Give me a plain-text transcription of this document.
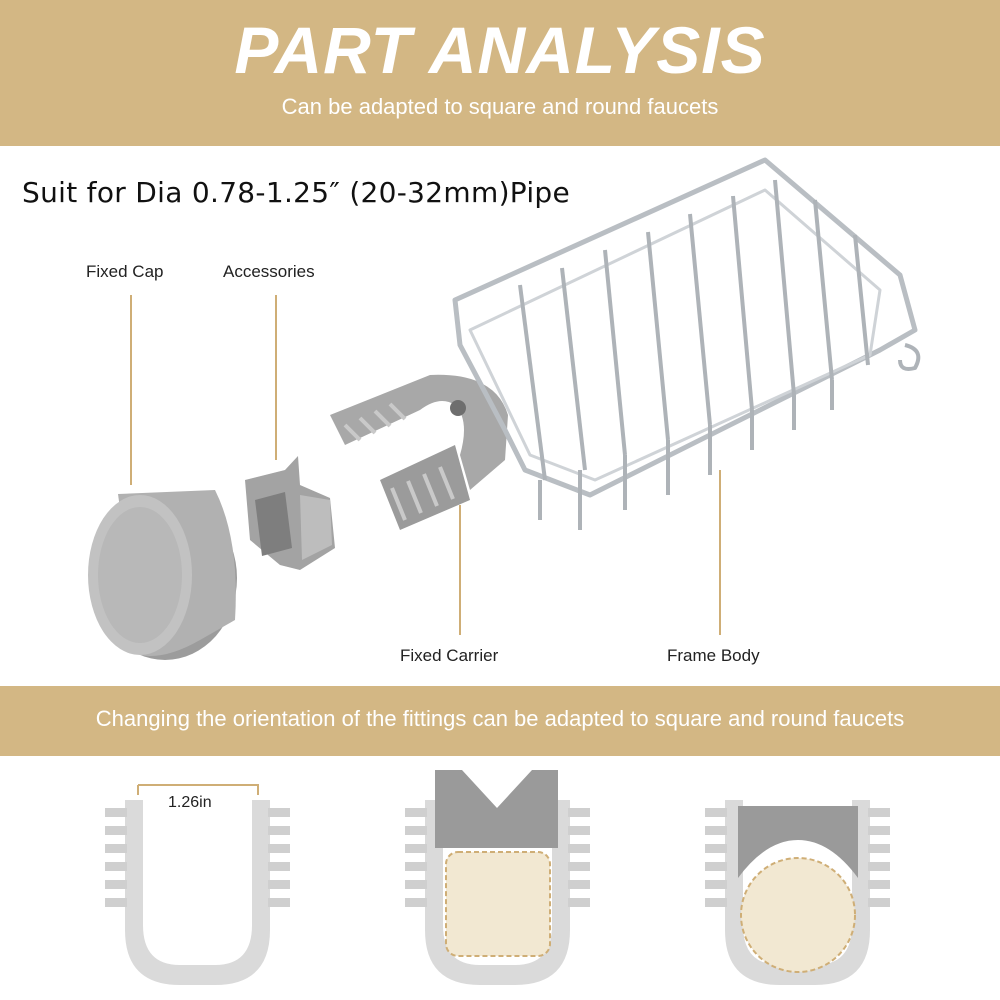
PART ANALYSIS
Can be adapted to square and round faucets
Suit for Dia 0.78-1.25″ (20-32mm)Pipe
Fixed Cap	Accessories
Fixed Carrier	Frame Body
Changing the orientation of the fittings can be adapted to square and round faucets
1.26in
